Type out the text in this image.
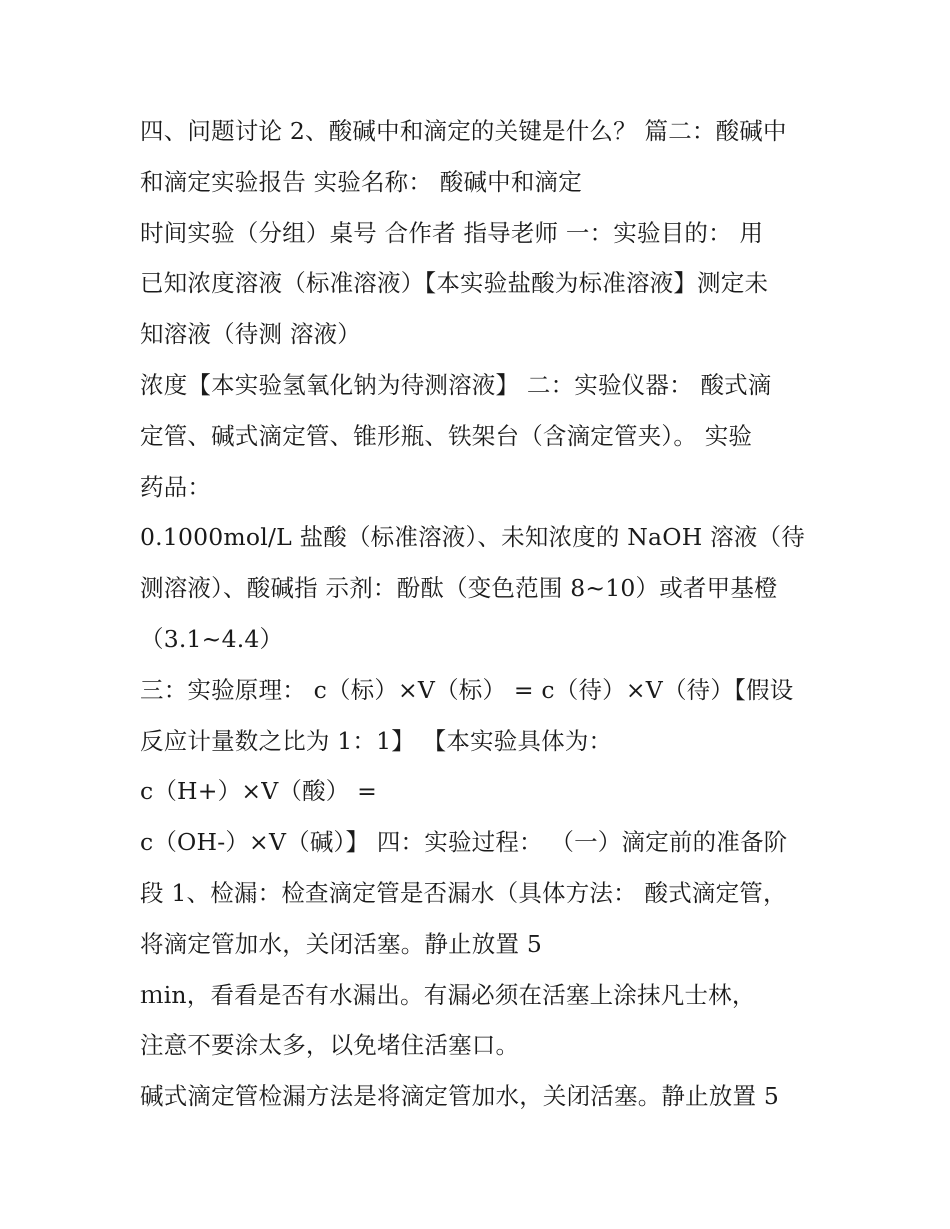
四、问题讨论 2、酸碱中和滴定的关键是什么？ 篇二：酸碱中
和滴定实验报告 实验名称： 酸碱中和滴定
时间实验（分组）桌号 合作者 指导老师 一：实验目的： 用
已知浓度溶液（标准溶液）【本实验盐酸为标准溶液】测定未
知溶液（待测 溶液）
浓度【本实验氢氧化钠为待测溶液】 二：实验仪器： 酸式滴
定管、碱式滴定管、锥形瓶、铁架台（含滴定管夹）。 实验
药品：
0.1000mol/L 盐酸（标准溶液）、未知浓度的 NaOH 溶液（待
测溶液）、酸碱指 示剂：酚酞（变色范围 8~10）或者甲基橙
（3.1~4.4）
三：实验原理： c（标）×V（标） = c（待）×V（待）【假设
反应计量数之比为 1：1】 【本实验具体为：
c（H+）×V（酸） =
c（OH-）×V（碱）】 四：实验过程： （一）滴定前的准备阶
段 1、检漏：检查滴定管是否漏水（具体方法： 酸式滴定管，
将滴定管加水，关闭活塞。静止放置 5
ｍin，看看是否有水漏出。有漏必须在活塞上涂抹凡士林，
注意不要涂太多，以免堵住活塞口。
碱式滴定管检漏方法是将滴定管加水，关闭活塞。静止放置 5
